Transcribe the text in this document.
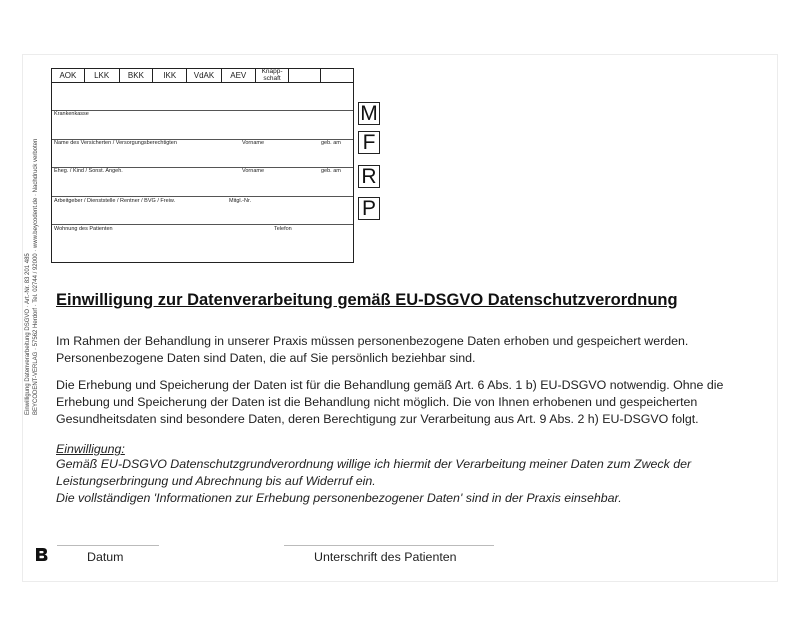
AOK	LKK	BKK	IKK	VdAK	AEV	Knapp-
schaft
Krankenkasse
Name des Versicherten / Versorgungsberechtigten	Vorname	geb. am
Eheg. / Kind / Sonst. Angeh.	Vorname	geb. am
Arbeitgeber / Dienststelle / Rentner / BVG / Freiw.	Mitgl.-Nr.
Wohnung des Patienten	Telefon
M
F
R
P
Einwilligung Datenverarbeitung DSGVO · Art.-Nr. 83 201 485 BEYCODENT-VERLAG · 57562 Herdorf · Tel. 02744 / 92000 · www.beycodent.de · Nachdruck verboten Einwilligung zur Datenverarbeitung gemäß EU-DSGVO Datenschutzverordnung
Im Rahmen der Behandlung in unserer Praxis müssen personenbezogene Daten erhoben und gespeichert werden. Personenbezogene Daten sind Daten, die auf Sie persönlich beziehbar sind.
Die Erhebung und Speicherung der Daten ist für die Behandlung gemäß Art. 6 Abs. 1 b) EU-DSGVO notwendig. Ohne die Erhebung und Speicherung der Daten ist die Behandlung nicht möglich. Die von Ihnen erhobenen und gespeicherten Gesundheitsdaten sind besondere Daten, deren Berechtigung zur Verarbeitung aus Art. 9 Abs. 2 h) EU-DSGVO folgt.
Einwilligung:
Gemäß EU-DSGVO Datenschutzgrundverordnung willige ich hiermit der Verarbeitung meiner Daten zum Zweck der Leistungserbringung und Abrechnung bis auf Widerruf ein.
Die vollständigen 'Informationen zur Erhebung personenbezogener Daten' sind in der Praxis einsehbar.
Datum	Unterschrift des Patienten
